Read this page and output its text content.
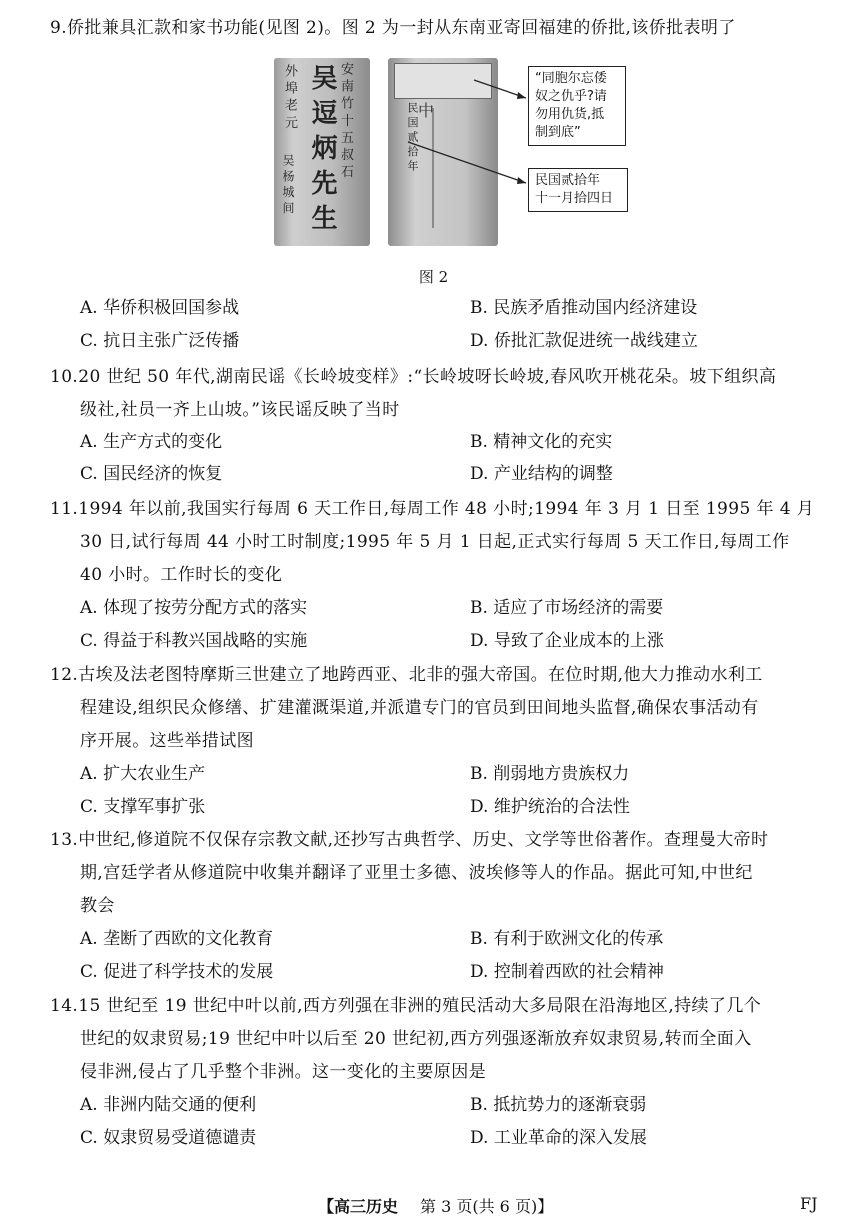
9.侨批兼具汇款和家书功能(见图 2)。图 2 为一封从东南亚寄回福建的侨批,该侨批表明了
吴 逗 炳 先 生 安 南 竹 十 五 叔 石
外 埠 老 元
吴 杨 城 间
民 国 贰 拾 年 中
“同胞尔忘倭
奴之仇乎?请
勿用仇货,抵
制到底”
民国贰拾年
十一月拾四日
图 2
A. 华侨积极回国参战	B. 民族矛盾推动国内经济建设
C. 抗日主张广泛传播	D. 侨批汇款促进统一战线建立
10.20 世纪 50 年代,湖南民谣《长岭坡变样》:“长岭坡呀长岭坡,春风吹开桃花朵。坡下组织高
级社,社员一齐上山坡。”该民谣反映了当时
A. 生产方式的变化	B. 精神文化的充实
C. 国民经济的恢复	D. 产业结构的调整
11.1994 年以前,我国实行每周 6 天工作日,每周工作 48 小时;1994 年 3 月 1 日至 1995 年 4 月
30 日,试行每周 44 小时工时制度;1995 年 5 月 1 日起,正式实行每周 5 天工作日,每周工作
40 小时。工作时长的变化
A. 体现了按劳分配方式的落实	B. 适应了市场经济的需要
C. 得益于科教兴国战略的实施	D. 导致了企业成本的上涨
12.古埃及法老图特摩斯三世建立了地跨西亚、北非的强大帝国。在位时期,他大力推动水利工
程建设,组织民众修缮、扩建灌溉渠道,并派遣专门的官员到田间地头监督,确保农事活动有
序开展。这些举措试图
A. 扩大农业生产	B. 削弱地方贵族权力
C. 支撑军事扩张	D. 维护统治的合法性
13.中世纪,修道院不仅保存宗教文献,还抄写古典哲学、历史、文学等世俗著作。查理曼大帝时
期,宫廷学者从修道院中收集并翻译了亚里士多德、波埃修等人的作品。据此可知,中世纪
教会
A. 垄断了西欧的文化教育	B. 有利于欧洲文化的传承
C. 促进了科学技术的发展	D. 控制着西欧的社会精神
14.15 世纪至 19 世纪中叶以前,西方列强在非洲的殖民活动大多局限在沿海地区,持续了几个
世纪的奴隶贸易;19 世纪中叶以后至 20 世纪初,西方列强逐渐放弃奴隶贸易,转而全面入
侵非洲,侵占了几乎整个非洲。这一变化的主要原因是
A. 非洲内陆交通的便利	B. 抵抗势力的逐渐衰弱
C. 奴隶贸易受道德谴责	D. 工业革命的深入发展
【高三历史 第 3 页(共 6 页)】	FJ
